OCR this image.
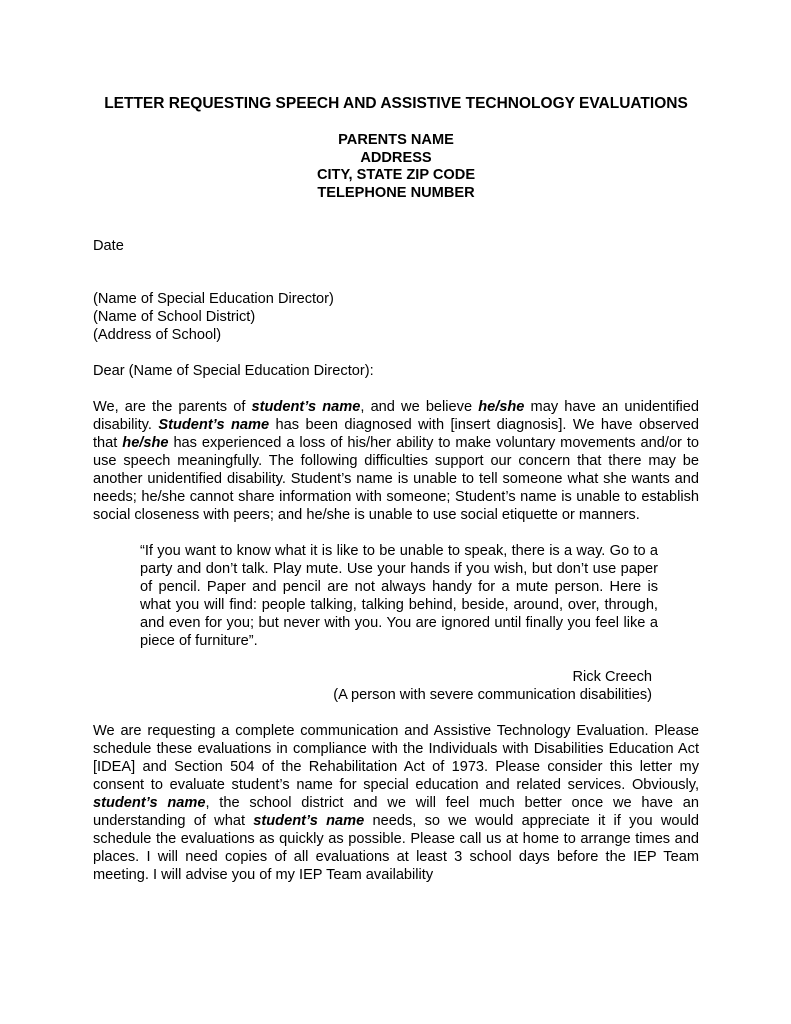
LETTER REQUESTING SPEECH AND ASSISTIVE TECHNOLOGY EVALUATIONS
PARENTS NAME
ADDRESS
CITY, STATE ZIP CODE
TELEPHONE NUMBER
Date
(Name of Special Education Director)
(Name of School District)
(Address of School)
Dear (Name of Special Education Director):

We, are the parents of student’s name, and we believe he/she may have an unidentified disability. Student’s name has been diagnosed with [insert diagnosis]. We have observed that he/she has experienced a loss of his/her ability to make voluntary movements and/or to use speech meaningfully. The following difficulties support our concern that there may be another unidentified disability. Student’s name is unable to tell someone what she wants and needs; he/she cannot share information with someone; Student’s name is unable to establish social closeness with peers; and he/she is unable to use social etiquette or manners.

“If you want to know what it is like to be unable to speak, there is a way. Go to a party and don’t talk. Play mute. Use your hands if you wish, but don’t use paper of pencil. Paper and pencil are not always handy for a mute person. Here is what you will find: people talking, talking behind, beside, around, over, through, and even for you; but never with you. You are ignored until finally you feel like a piece of furniture”.
Rick Creech
(A person with severe communication disabilities)

We are requesting a complete communication and Assistive Technology Evaluation. Please schedule these evaluations in compliance with the Individuals with Disabilities Education Act [IDEA] and Section 504 of the Rehabilitation Act of 1973. Please consider this letter my consent to evaluate student’s name for special education and related services. Obviously, student’s name, the school district and we will feel much better once we have an understanding of what student’s name needs, so we would appreciate it if you would schedule the evaluations as quickly as possible. Please call us at home to arrange times and places. I will need copies of all evaluations at least 3 school days before the IEP Team meeting. I will advise you of my IEP Team availability
